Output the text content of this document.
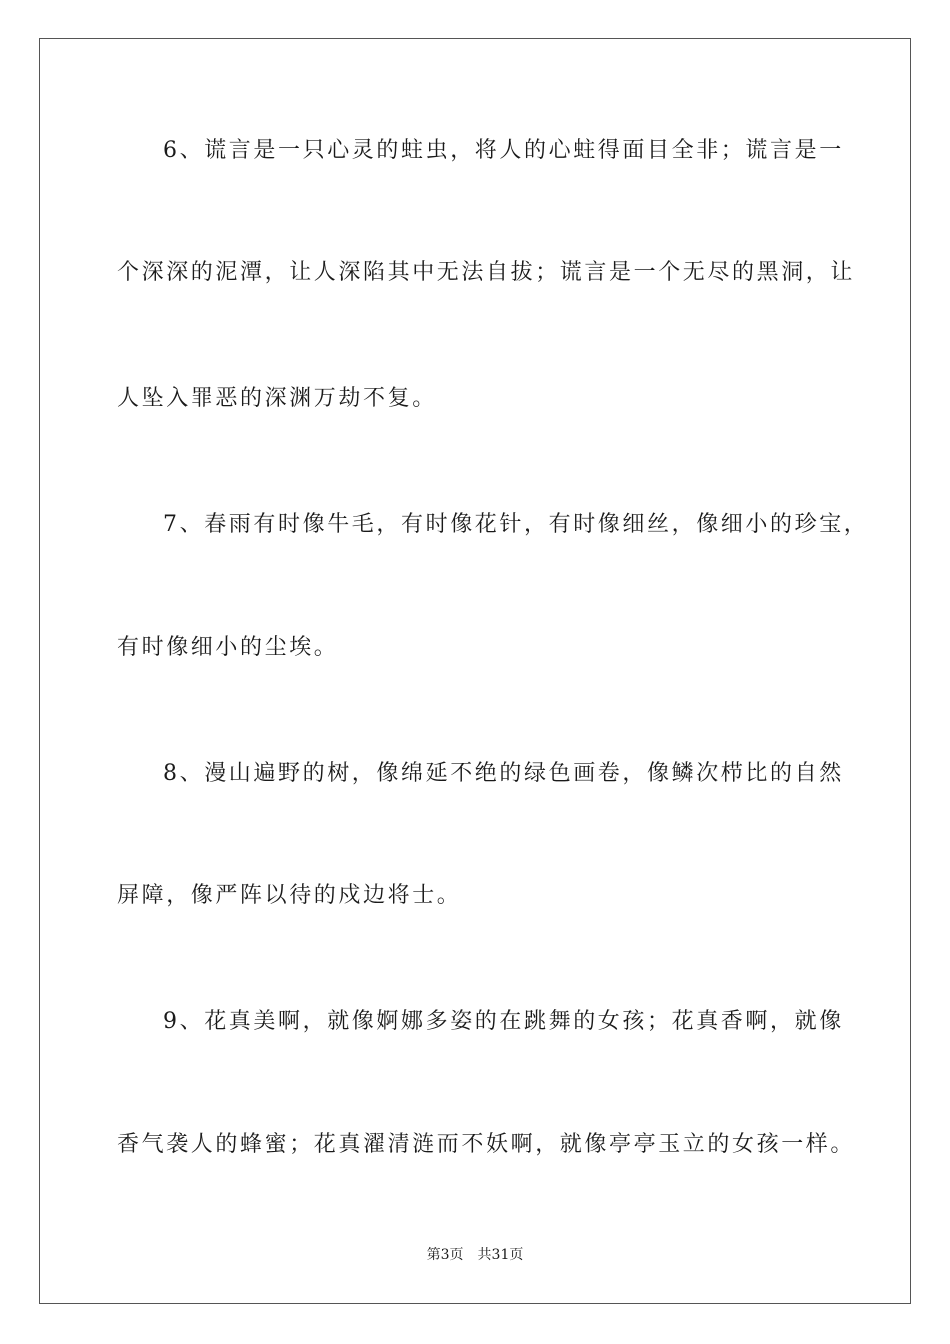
6、谎言是一只心灵的蛀虫，将人的心蛀得面目全非；谎言是一
个深深的泥潭，让人深陷其中无法自拔；谎言是一个无尽的黑洞，让
人坠入罪恶的深渊万劫不复。
7、春雨有时像牛毛，有时像花针，有时像细丝，像细小的珍宝，
有时像细小的尘埃。
8、漫山遍野的树，像绵延不绝的绿色画卷，像鳞次栉比的自然
屏障，像严阵以待的戍边将士。
9、花真美啊，就像婀娜多姿的在跳舞的女孩；花真香啊，就像
香气袭人的蜂蜜；花真濯清涟而不妖啊，就像亭亭玉立的女孩一样。
第3页 共31页
